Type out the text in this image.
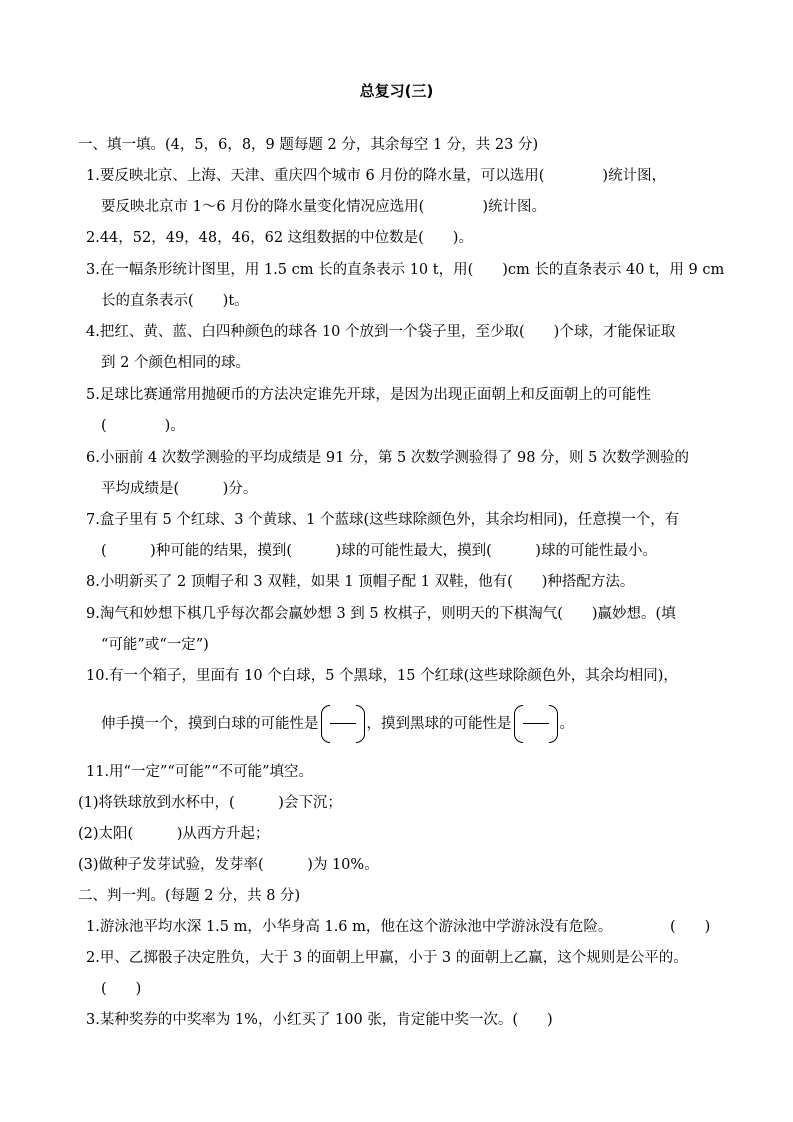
总复习(三)
一、填一填。(4，5，6，8，9 题每题 2 分，其余每空 1 分，共 23 分)
1.要反映北京、上海、天津、重庆四个城市 6 月份的降水量，可以选用(　　　　)统计图，
要反映北京市 1～6 月份的降水量变化情况应选用(　　　　)统计图。
2.44，52，49，48，46，62 这组数据的中位数是(　　)。
3.在一幅条形统计图里，用 1.5 cm 长的直条表示 10 t，用(　　)cm 长的直条表示 40 t，用 9 cm
长的直条表示(　　)t。
4.把红、黄、蓝、白四种颜色的球各 10 个放到一个袋子里，至少取(　　)个球，才能保证取
到 2 个颜色相同的球。
5.足球比赛通常用抛硬币的方法决定谁先开球，是因为出现正面朝上和反面朝上的可能性
(　　　　)。
6.小丽前 4 次数学测验的平均成绩是 91 分，第 5 次数学测验得了 98 分，则 5 次数学测验的
平均成绩是(　　　)分。
7.盒子里有 5 个红球、3 个黄球、1 个蓝球(这些球除颜色外，其余均相同)，任意摸一个，有
(　　　)种可能的结果，摸到(　　　)球的可能性最大，摸到(　　　)球的可能性最小。
8.小明新买了 2 顶帽子和 3 双鞋，如果 1 顶帽子配 1 双鞋，他有(　　)种搭配方法。
9.淘气和妙想下棋几乎每次都会赢妙想 3 到 5 枚棋子，则明天的下棋淘气(　　)赢妙想。(填
“可能”或“一定”)
10.有一个箱子，里面有 10 个白球，5 个黑球，15 个红球(这些球除颜色外，其余均相同)，
伸手摸一个，摸到白球的可能性是	，摸到黑球的可能性是	。
11.用“一定”“可能”“不可能”填空。
(1)将铁球放到水杯中，(　　　)会下沉；
(2)太阳(　　　)从西方升起；
(3)做种子发芽试验，发芽率(　　　)为 10%。
二、判一判。(每题 2 分，共 8 分)
1.游泳池平均水深 1.5 m，小华身高 1.6 m，他在这个游泳池中学游泳没有危险。	(　　)
2.甲、乙掷骰子决定胜负，大于 3 的面朝上甲赢，小于 3 的面朝上乙赢，这个规则是公平的。
(　　)
3.某种奖券的中奖率为 1%，小红买了 100 张，肯定能中奖一次。(　　)
